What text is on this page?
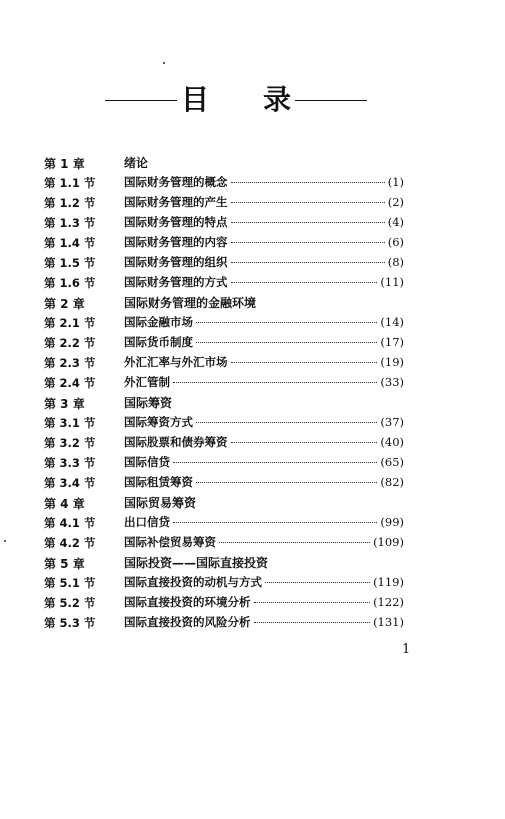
目 录
第 1 章	绪论
第 1.1 节 国际财务管理的概念	(1)
第 1.2 节 国际财务管理的产生	(2)
第 1.3 节 国际财务管理的特点	(4)
第 1.4 节 国际财务管理的内容	(6)
第 1.5 节 国际财务管理的组织	(8)
第 1.6 节 国际财务管理的方式	(11)
第 2 章	国际财务管理的金融环境
第 2.1 节 国际金融市场	(14)
第 2.2 节 国际货币制度	(17)
第 2.3 节 外汇汇率与外汇市场	(19)
第 2.4 节 外汇管制	(33)
第 3 章	国际筹资
第 3.1 节 国际筹资方式	(37)
第 3.2 节 国际股票和债券筹资	(40)
第 3.3 节 国际信贷	(65)
第 3.4 节 国际租赁筹资	(82)
第 4 章	国际贸易筹资
第 4.1 节 出口信贷	(99)
第 4.2 节 国际补偿贸易筹资	(109)
第 5 章	国际投资——国际直接投资
第 5.1 节 国际直接投资的动机与方式	(119)
第 5.2 节 国际直接投资的环境分析	(122)
第 5.3 节 国际直接投资的风险分析	(131)
1
